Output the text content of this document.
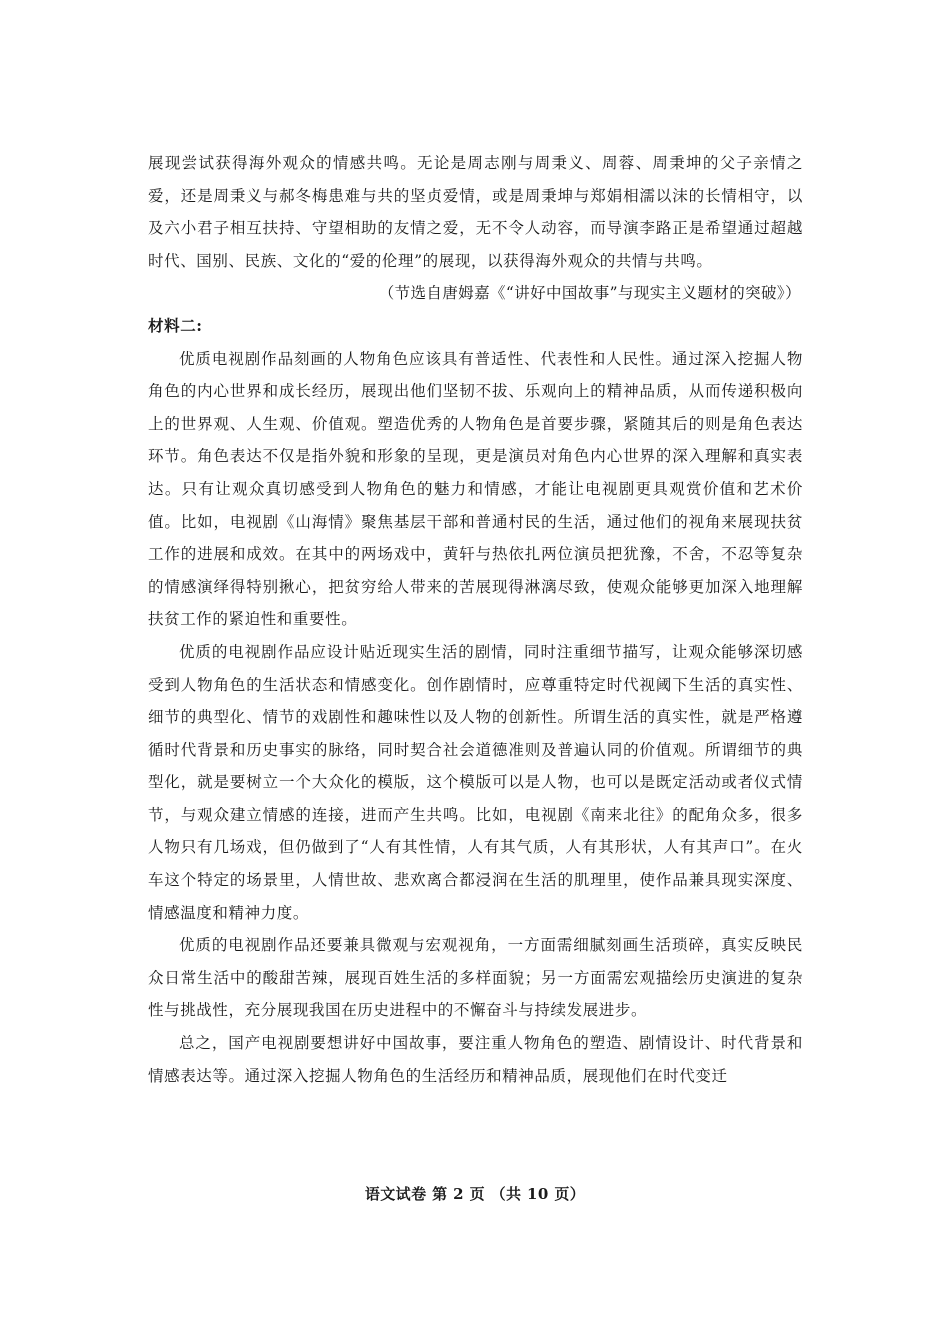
展现尝试获得海外观众的情感共鸣。无论是周志刚与周秉义、周蓉、周秉坤的父子亲情之爱，还是周秉义与郝冬梅患难与共的坚贞爱情，或是周秉坤与郑娟相濡以沫的长情相守，以及六小君子相互扶持、守望相助的友情之爱，无不令人动容，而导演李路正是希望通过超越时代、国别、民族、文化的“爱的伦理”的展现，以获得海外观众的共情与共鸣。

（节选自唐姆嘉《“讲好中国故事”与现实主义题材的突破》）

材料二:

优质电视剧作品刻画的人物角色应该具有普适性、代表性和人民性。通过深入挖掘人物角色的内心世界和成长经历，展现出他们坚韧不拔、乐观向上的精神品质，从而传递积极向上的世界观、人生观、价值观。塑造优秀的人物角色是首要步骤，紧随其后的则是角色表达环节。角色表达不仅是指外貌和形象的呈现，更是演员对角色内心世界的深入理解和真实表达。只有让观众真切感受到人物角色的魅力和情感，才能让电视剧更具观赏价值和艺术价值。比如，电视剧《山海情》聚焦基层干部和普通村民的生活，通过他们的视角来展现扶贫工作的进展和成效。在其中的两场戏中，黄轩与热依扎两位演员把犹豫，不舍，不忍等复杂的情感演绎得特别揪心，把贫穷给人带来的苦展现得淋漓尽致，使观众能够更加深入地理解扶贫工作的紧迫性和重要性。

优质的电视剧作品应设计贴近现实生活的剧情，同时注重细节描写，让观众能够深切感受到人物角色的生活状态和情感变化。创作剧情时，应尊重特定时代视阈下生活的真实性、细节的典型化、情节的戏剧性和趣味性以及人物的创新性。所谓生活的真实性，就是严格遵循时代背景和历史事实的脉络，同时契合社会道德准则及普遍认同的价值观。所谓细节的典型化，就是要树立一个大众化的模版，这个模版可以是人物，也可以是既定活动或者仪式情节，与观众建立情感的连接，进而产生共鸣。比如，电视剧《南来北往》的配角众多，很多人物只有几场戏，但仍做到了“人有其性情，人有其气质，人有其形状，人有其声口”。在火车这个特定的场景里，人情世故、悲欢离合都浸润在生活的肌理里，使作品兼具现实深度、情感温度和精神力度。

优质的电视剧作品还要兼具微观与宏观视角，一方面需细腻刻画生活琐碎，真实反映民众日常生活中的酸甜苦辣，展现百姓生活的多样面貌；另一方面需宏观描绘历史演进的复杂性与挑战性，充分展现我国在历史进程中的不懈奋斗与持续发展进步。

总之，国产电视剧要想讲好中国故事，要注重人物角色的塑造、剧情设计、时代背景和情感表达等。通过深入挖掘人物角色的生活经历和精神品质，展现他们在时代变迁

语文试卷 第 2 页 （共 10 页）
